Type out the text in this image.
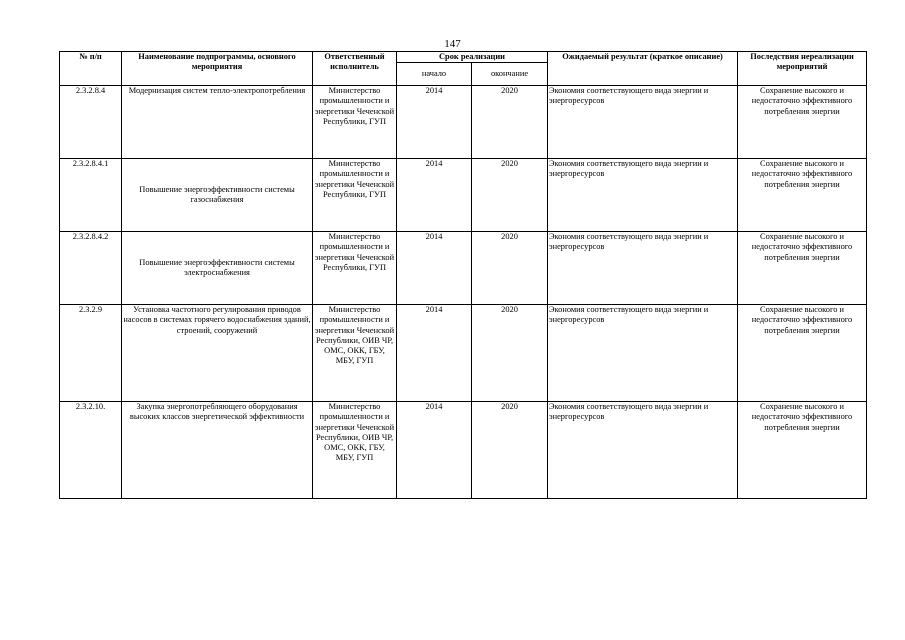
147
№ п/п	Наименование подпрограммы, основного мероприятия	Ответственный исполнитель	Срок реализации		Ожидаемый результат (краткое описание)	Последствия нереализации мероприятий
			начало	окончание		
2.3.2.8.4	Модернизация систем тепло-электропотребления	Министерство промышленности и энергетики Чеченской Республики, ГУП	2014	2020	Экономия соответствующего вида энергии и энергоресурсов	Сохранение высокого и недостаточно эффективного потребления энергии
2.3.2.8.4.1	Повышение энергоэффективности системы газоснабжения	Министерство промышленности и энергетики Чеченской Республики, ГУП	2014	2020	Экономия соответствующего вида энергии и энергоресурсов	Сохранение высокого и недостаточно эффективного потребления энергии
2.3.2.8.4.2	Повышение энергоэффективности системы электроснабжения	Министерство промышленности и энергетики Чеченской Республики, ГУП	2014	2020	Экономия соответствующего вида энергии и энергоресурсов	Сохранение высокого и недостаточно эффективного потребления энергии
2.3.2.9	Установка частотного регулирования приводов насосов в системах горячего водоснабжения зданий, строений, сооружений	Министерство промышленности и энергетики Чеченской Республики, ОИВ ЧР, ОМС, ОКК, ГБУ, МБУ, ГУП	2014	2020	Экономия соответствующего вида энергии и энергоресурсов	Сохранение высокого и недостаточно эффективного потребления энергии
2.3.2.10.	Закупка энергопотребляющего оборудования высоких классов энергетической эффективности	Министерство промышленности и энергетики Чеченской Республики, ОИВ ЧР, ОМС, ОКК, ГБУ, МБУ, ГУП	2014	2020	Экономия соответствующего вида энергии и энергоресурсов	Сохранение высокого и недостаточно эффективного потребления энергии
